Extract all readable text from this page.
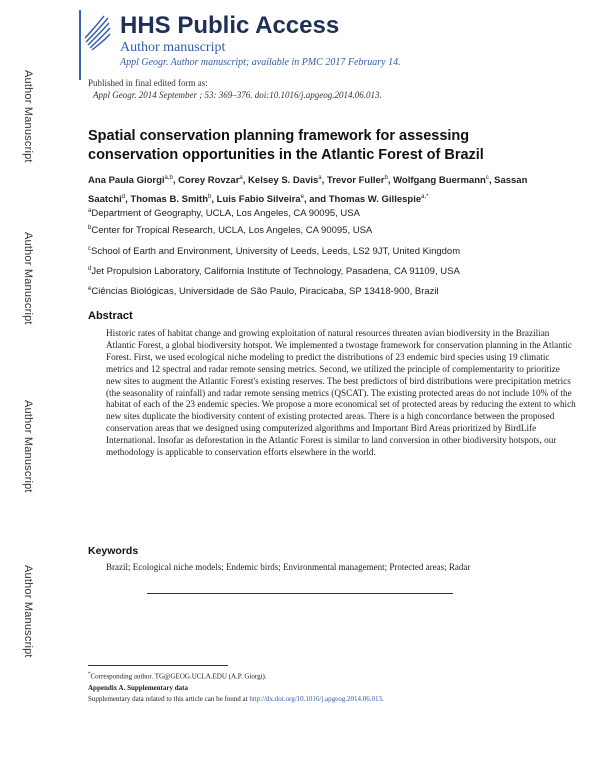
Author Manuscript
Author Manuscript
Author Manuscript
Author Manuscript
HHS Public Access
Author manuscript
Appl Geogr. Author manuscript; available in PMC 2017 February 14.
Published in final edited form as:
Appl Geogr. 2014 September ; 53: 369–376. doi:10.1016/j.apgeog.2014.06.013.
Spatial conservation planning framework for assessing conservation opportunities in the Atlantic Forest of Brazil
Ana Paula Giorgi$^{a,b}$, Corey Rovzar$^a$, Kelsey S. Davis$^a$, Trevor Fuller$^b$, Wolfgang Buermann$^c$, Sassan Saatchi$^d$, Thomas B. Smith$^b$, Luis Fabio Silveira$^e$, and Thomas W. Gillespie$^{a,*}$
$^a$Department of Geography, UCLA, Los Angeles, CA 90095, USA
$^b$Center for Tropical Research, UCLA, Los Angeles, CA 90095, USA
$^c$School of Earth and Environment, University of Leeds, Leeds, LS2 9JT, United Kingdom
$^d$Jet Propulsion Laboratory, California Institute of Technology, Pasadena, CA 91109, USA
$^e$Ciências Biológicas, Universidade de São Paulo, Piracicaba, SP 13418-900, Brazil
Abstract
Historic rates of habitat change and growing exploitation of natural resources threaten avian biodiversity in the Brazilian Atlantic Forest, a global biodiversity hotspot. We implemented a twostage framework for conservation planning in the Atlantic Forest. First, we used ecological niche modeling to predict the distributions of 23 endemic bird species using 19 climatic metrics and 12 spectral and radar remote sensing metrics. Second, we utilized the principle of complementarity to prioritize new sites to augment the Atlantic Forest's existing reserves. The best predictors of bird distributions were precipitation metrics (the seasonality of rainfall) and radar remote sensing metrics (QSCAT). The existing protected areas do not include 10% of the habitat of each of the 23 endemic species. We propose a more economical set of protected areas by reducing the extent to which new sites duplicate the biodiversity content of existing protected areas. There is a high concordance between the proposed conservation areas that we designed using computerized algorithms and Important Bird Areas prioritized by BirdLife International. Insofar as deforestation in the Atlantic Forest is similar to land conversion in other biodiversity hotspots, our methodology is applicable to conservation efforts elsewhere in the world.
Keywords
Brazil; Ecological niche models; Endemic birds; Environmental management; Protected areas; Radar
*Corresponding author. TG@GEOG.UCLA.EDU (A.P. Giorgi).
Appendix A. Supplementary data
Supplementary data related to this article can be found at http://dx.doi.org/10.1016/j.apgeog.2014.06.013.
